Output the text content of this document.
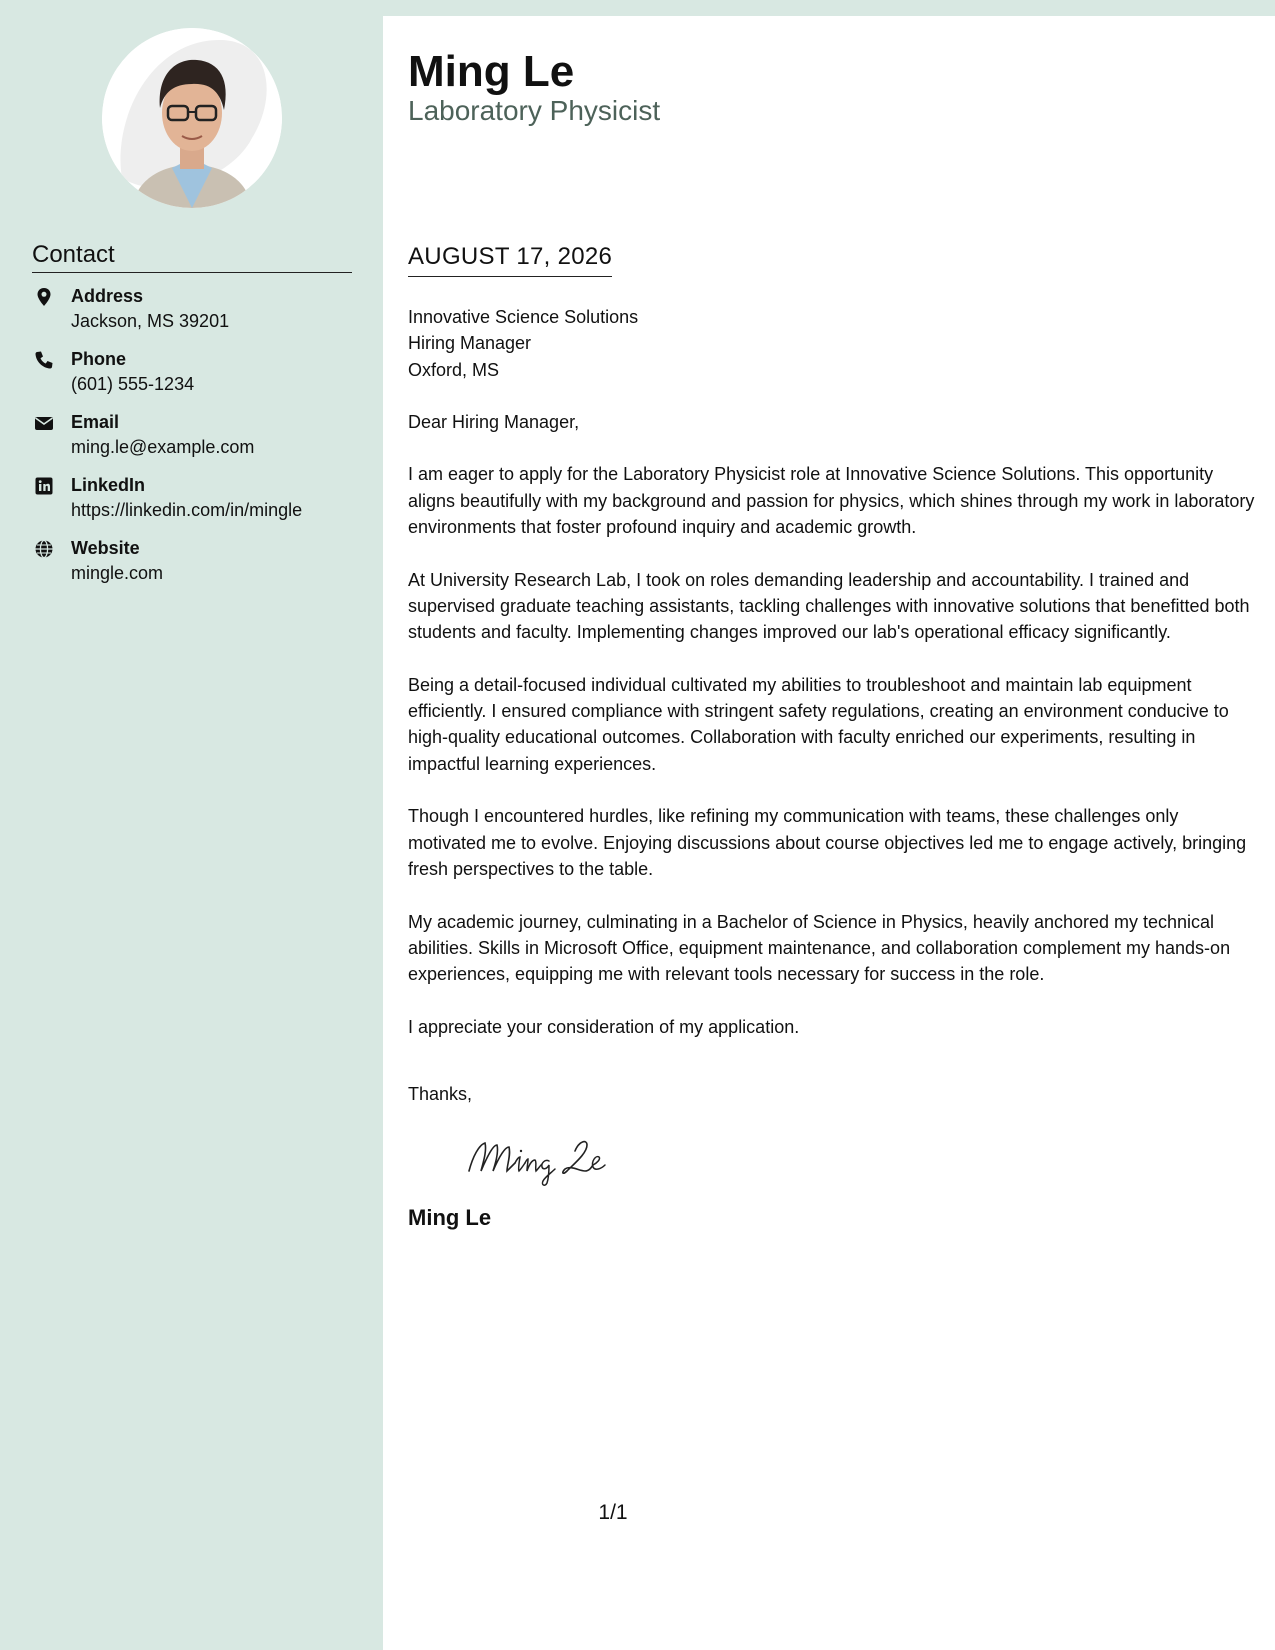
Contact
Address
Jackson, MS 39201
Phone
(601) 555-1234
Email
ming.le@example.com
LinkedIn
https://linkedin.com/in/mingle
Website
mingle.com
Ming Le
Laboratory Physicist
AUGUST 17, 2026

Innovative Science Solutions

Hiring Manager

Oxford, MS

Dear Hiring Manager,

I am eager to apply for the Laboratory Physicist role at Innovative Science Solutions. This opportunity aligns beautifully with my background and passion for physics, which shines through my work in laboratory environments that foster profound inquiry and academic growth.

At University Research Lab, I took on roles demanding leadership and accountability. I trained and supervised graduate teaching assistants, tackling challenges with innovative solutions that benefitted both students and faculty. Implementing changes improved our lab's operational efficacy significantly.

Being a detail-focused individual cultivated my abilities to troubleshoot and maintain lab equipment efficiently. I ensured compliance with stringent safety regulations, creating an environment conducive to high-quality educational outcomes. Collaboration with faculty enriched our experiments, resulting in impactful learning experiences.

Though I encountered hurdles, like refining my communication with teams, these challenges only motivated me to evolve. Enjoying discussions about course objectives led me to engage actively, bringing fresh perspectives to the table.

My academic journey, culminating in a Bachelor of Science in Physics, heavily anchored my technical abilities. Skills in Microsoft Office, equipment maintenance, and collaboration complement my hands-on experiences, equipping me with relevant tools necessary for success in the role.

I appreciate your consideration of my application.

Thanks,
Ming Le
1/1
